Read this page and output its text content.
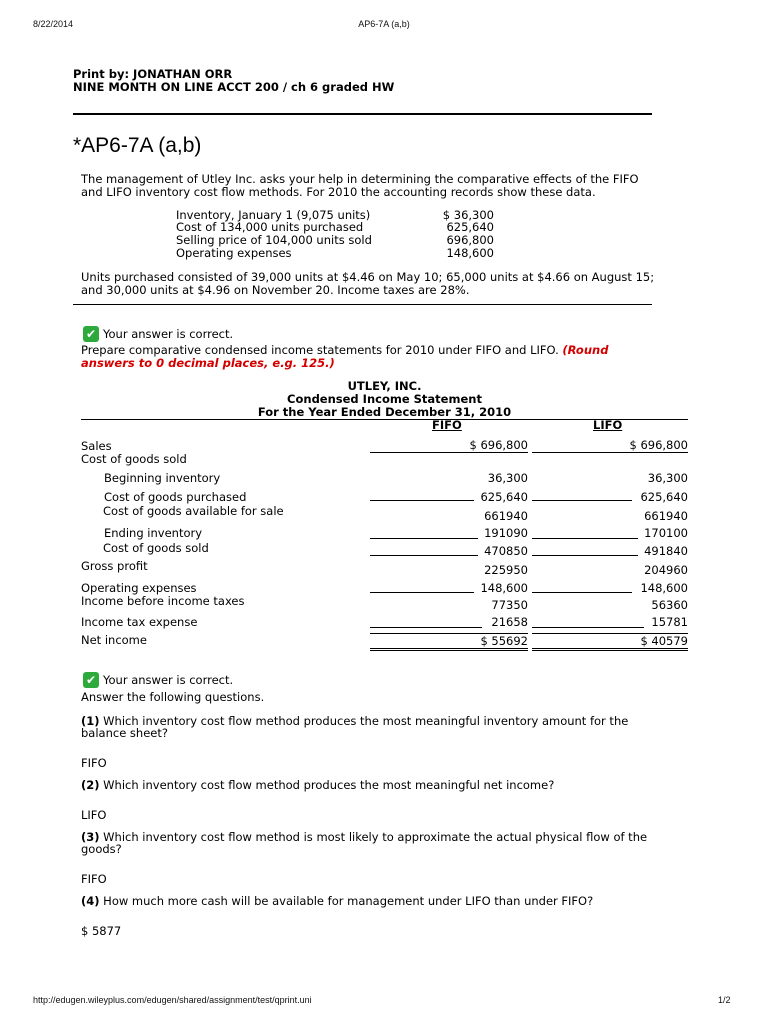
8/22/2014	AP6-7A (a,b)
Print by: JONATHAN ORR
NINE MONTH ON LINE ACCT 200 / ch 6 graded HW
*AP6-7A (a,b)
The management of Utley Inc. asks your help in determining the comparative effects of the FIFO
and LIFO inventory cost flow methods. For 2010 the accounting records show these data.
Inventory, January 1 (9,075 units)	$ 36,300
Cost of 134,000 units purchased	625,640
Selling price of 104,000 units sold	696,800
Operating expenses	148,600
Units purchased consisted of 39,000 units at $4.46 on May 10; 65,000 units at $4.66 on August 15;
and 30,000 units at $4.96 on November 20. Income taxes are 28%.
✔ Your answer is correct.
Prepare comparative condensed income statements for 2010 under FIFO and LIFO. (Round
answers to 0 decimal places, e.g. 125.)
UTLEY, INC.
Condensed Income Statement
For the Year Ended December 31, 2010
FIFO	LIFO
Sales	$ 696,800	$ 696,800
Cost of goods sold
Beginning inventory	36,300	36,300
Cost of goods purchased	625,640	625,640
Cost of goods available for sale	661940	661940
Ending inventory	191090	170100
Cost of goods sold	470850	491840
Gross profit	225950	204960
Operating expenses	148,600	148,600
Income before income taxes	77350	56360
Income tax expense	21658	15781
Net income	$ 55692	$ 40579
✔ Your answer is correct.
Answer the following questions.
(1) Which inventory cost flow method produces the most meaningful inventory amount for the
balance sheet?
FIFO
(2) Which inventory cost flow method produces the most meaningful net income?
LIFO
(3) Which inventory cost flow method is most likely to approximate the actual physical flow of the
goods?
FIFO
(4) How much more cash will be available for management under LIFO than under FIFO?
$ 5877
http://edugen.wileyplus.com/edugen/shared/assignment/test/qprint.uni	1/2
